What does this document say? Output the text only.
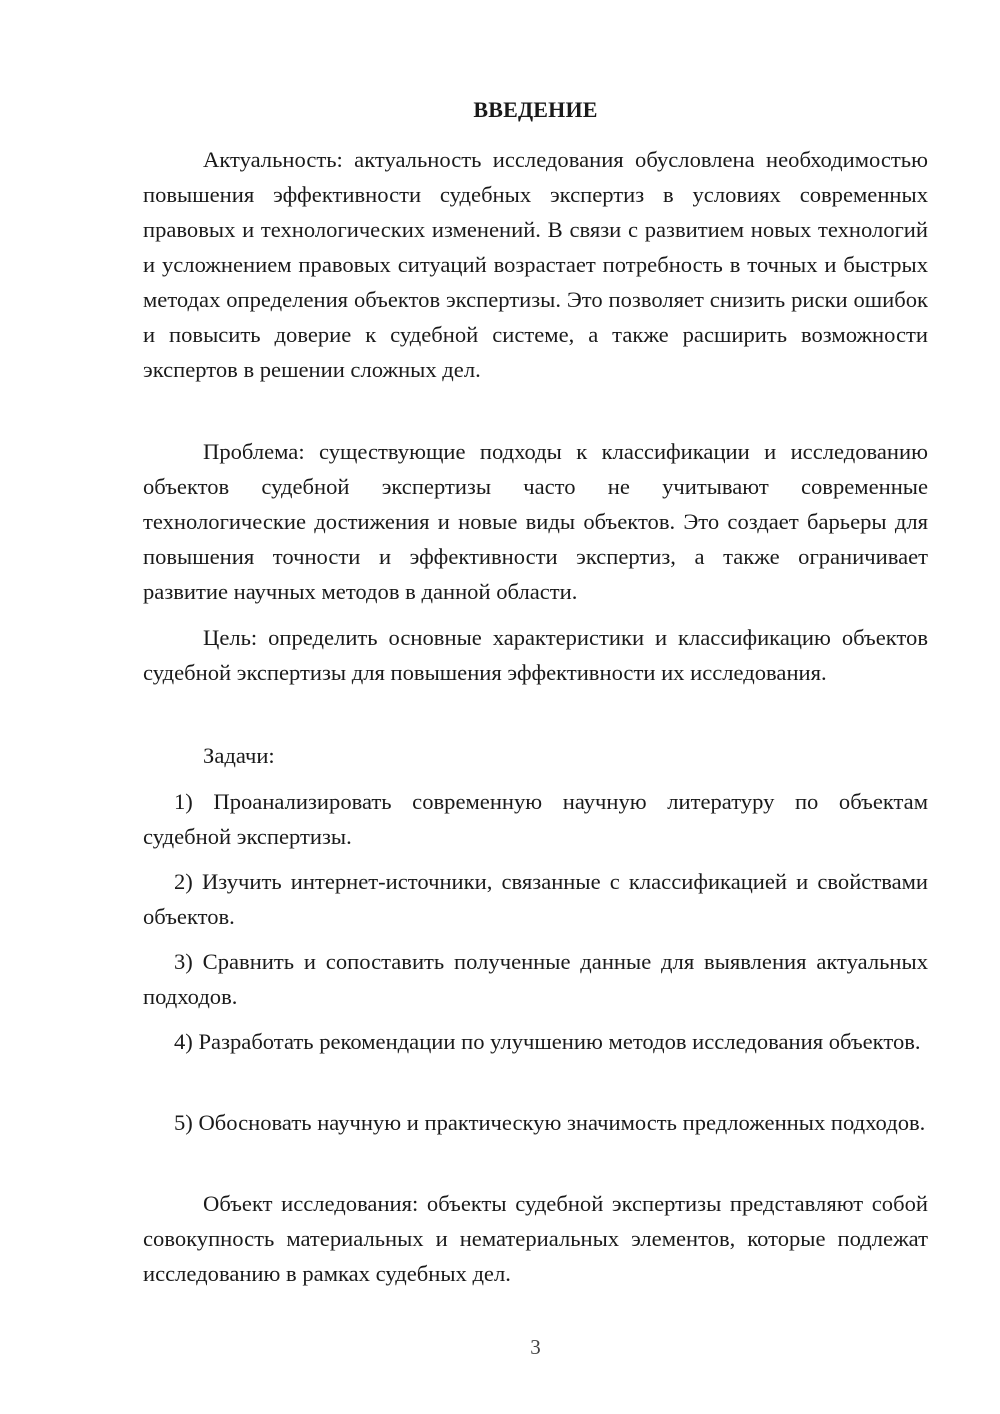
ВВЕДЕНИЕ

Актуальность: актуальность исследования обусловлена необходимостью повышения эффективности судебных экспертиз в условиях современных правовых и технологических изменений. В связи с развитием новых технологий и усложнением правовых ситуаций возрастает потребность в точных и быстрых методах определения объектов экспертизы. Это позволяет снизить риски ошибок и повысить доверие к судебной системе, а также расширить возможности экспертов в решении сложных дел.

Проблема: существующие подходы к классификации и исследованию объектов судебной экспертизы часто не учитывают современные технологические достижения и новые виды объектов. Это создает барьеры для повышения точности и эффективности экспертиз, а также ограничивает развитие научных методов в данной области.

Цель: определить основные характеристики и классификацию объектов судебной экспертизы для повышения эффективности их исследования.

Задачи:

1) Проанализировать современную научную литературу по объектам судебной экспертизы.

2) Изучить интернет-источники, связанные с классификацией и свойствами объектов.

3) Сравнить и сопоставить полученные данные для выявления актуальных подходов.

4) Разработать рекомендации по улучшению методов исследования объектов.

5) Обосновать научную и практическую значимость предложенных подходов.

Объект исследования: объекты судебной экспертизы представляют собой совокупность материальных и нематериальных элементов, которые подлежат исследованию в рамках судебных дел.

3
